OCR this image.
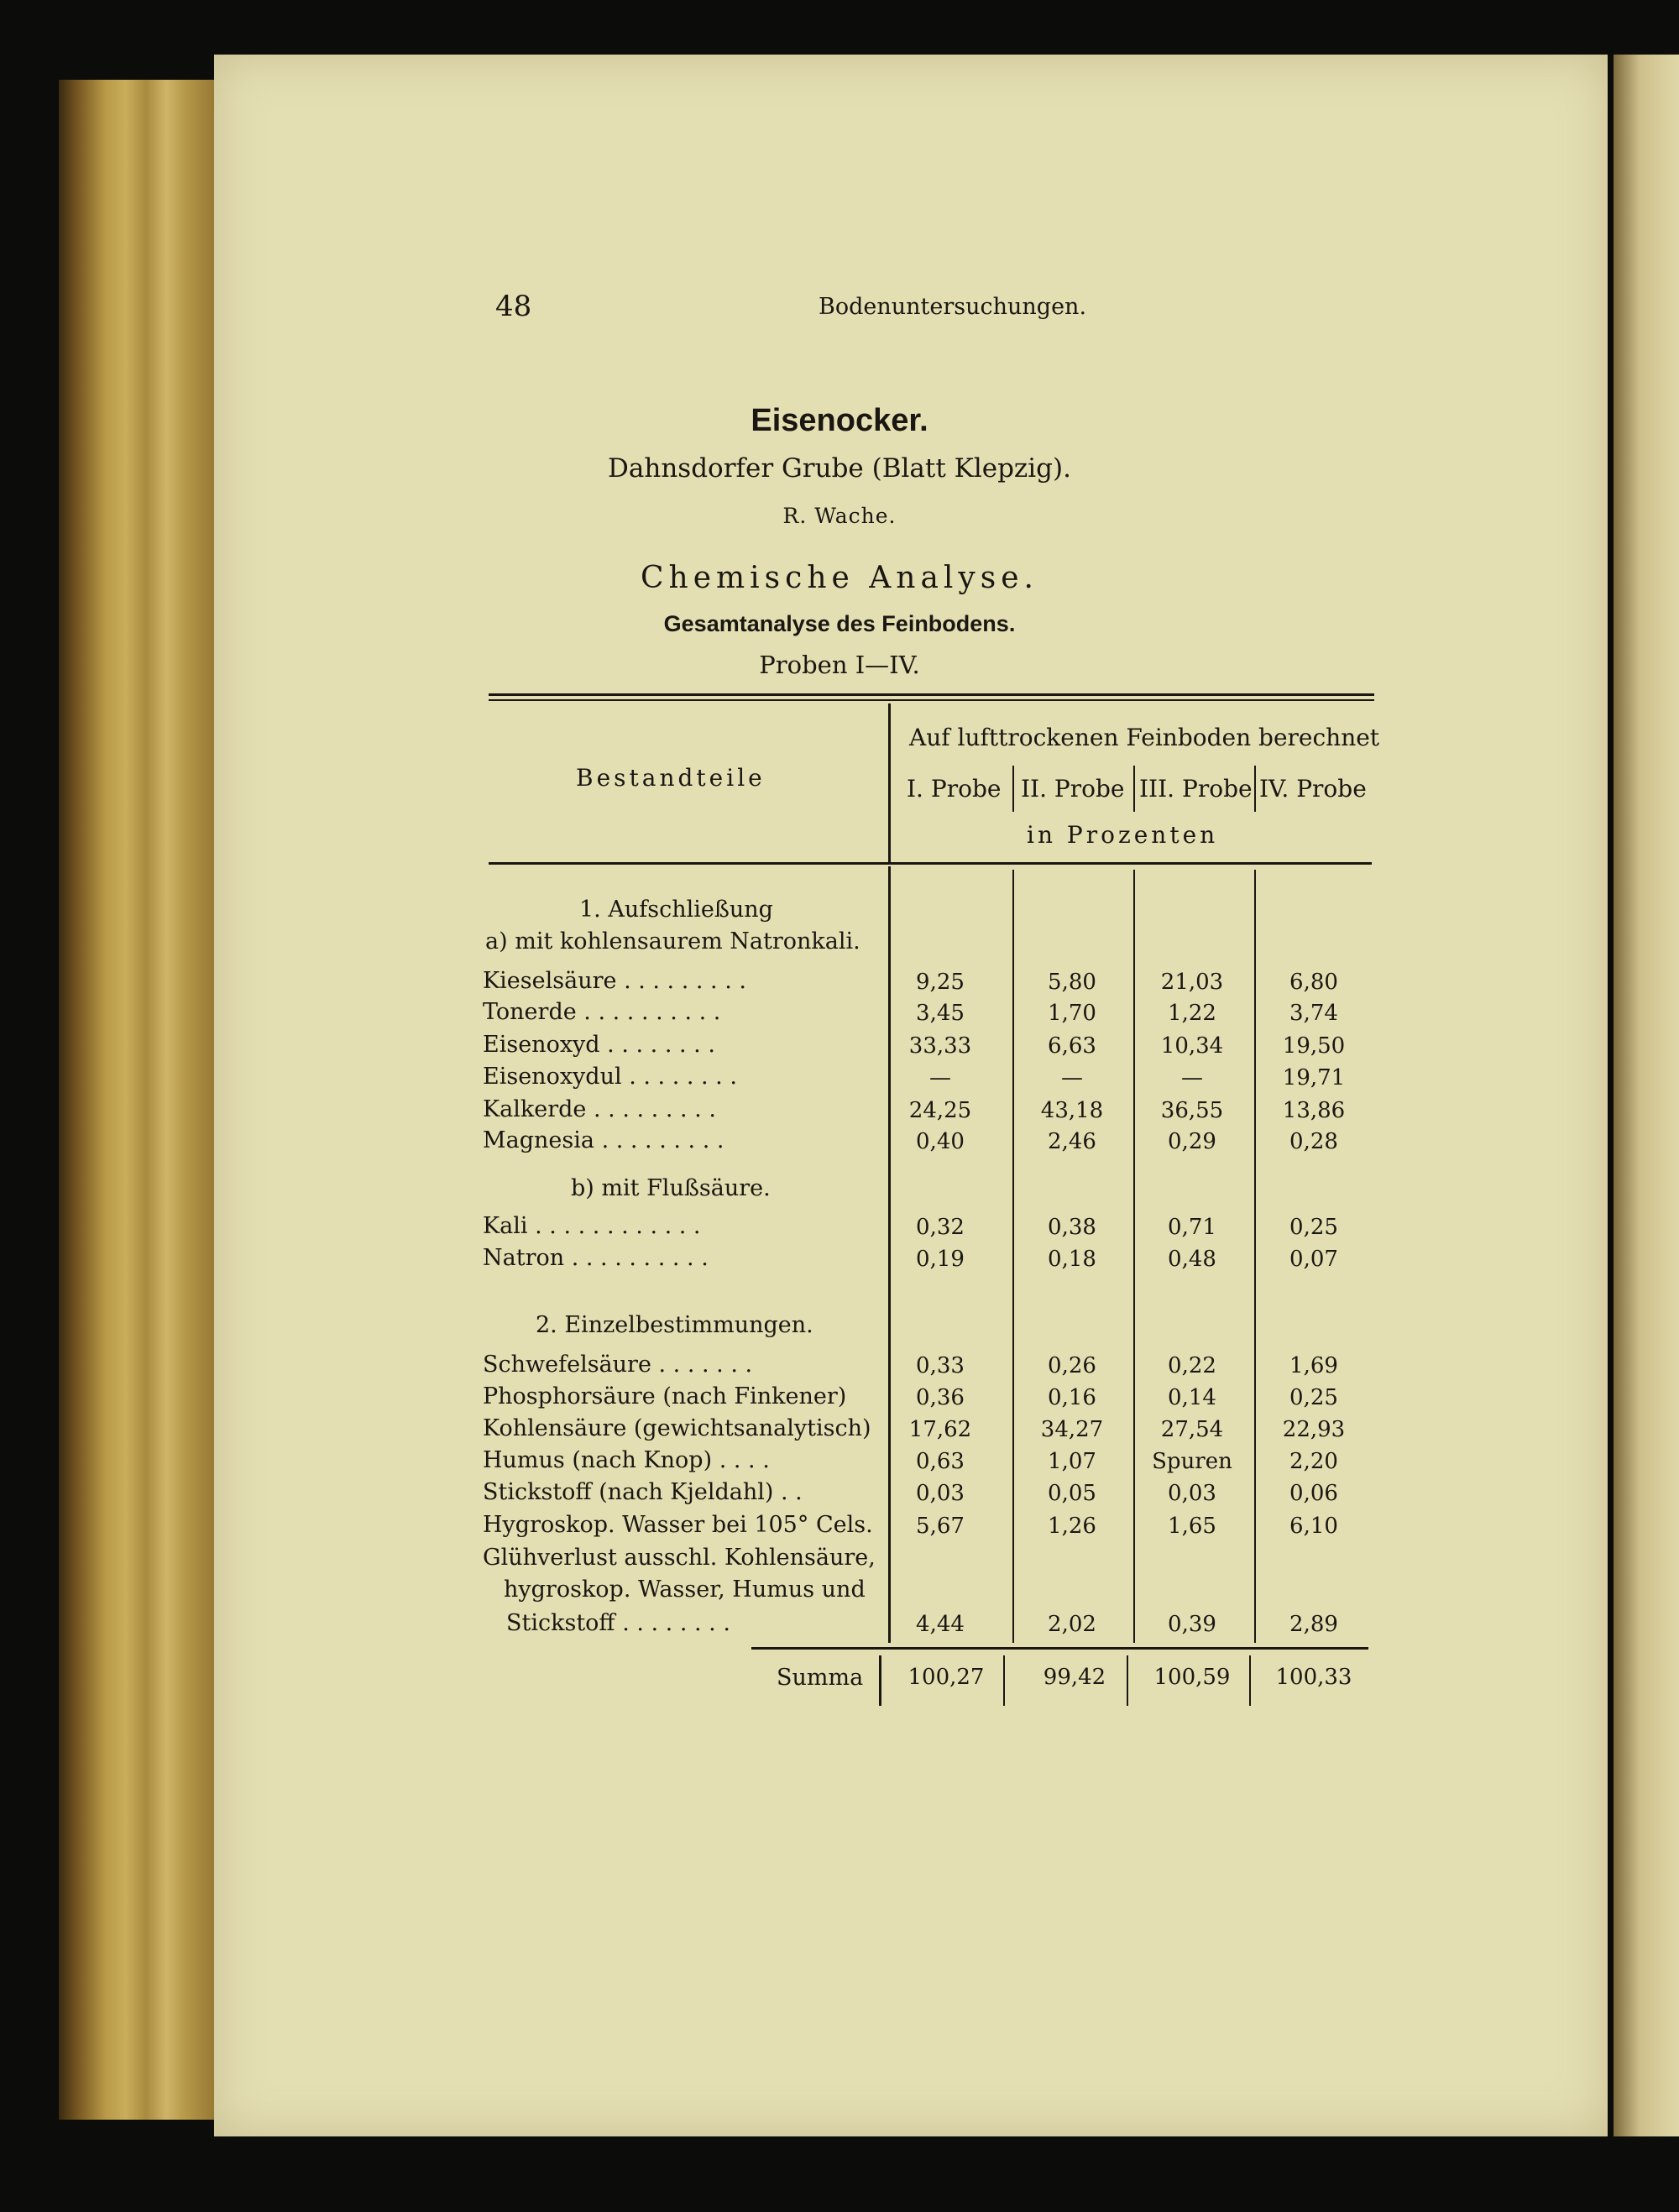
48	Bodenuntersuchungen.
Eisenocker.
Dahnsdorfer Grube (Blatt Klepzig).
R. Wache.
Chemische Analyse.
Gesamtanalyse des Feinbodens.
Proben I—IV.
Bestandteile
Auf lufttrockenen Feinboden berechnet
I. Probe II. Probe III. Probe IV. Probe
in Prozenten
1. Aufschließung
a) mit kohlensaurem Natronkali.
b) mit Flußsäure.
2. Einzelbestimmungen.
Kieselsäure . . . . . . . . .	9,25	5,80	21,03	6,80
Tonerde . . . . . . . . . .	3,45	1,70	1,22	3,74
Eisenoxyd . . . . . . . .	33,33	6,63	10,34	19,50
Eisenoxydul . . . . . . . .	—	—	—	19,71
Kalkerde . . . . . . . . .	24,25	43,18	36,55	13,86
Magnesia . . . . . . . . .	0,40	2,46	0,29	0,28
Kali . . . . . . . . . . . .	0,32	0,38	0,71	0,25
Natron . . . . . . . . . .	0,19	0,18	0,48	0,07
Schwefelsäure . . . . . . .	0,33	0,26	0,22	1,69
Phosphorsäure (nach Finkener)	0,36	0,16	0,14	0,25
Kohlensäure (gewichtsanalytisch)	17,62	34,27	27,54	22,93
Humus (nach Knop) . . . .	0,63	1,07	Spuren	2,20
Stickstoff (nach Kjeldahl) . .	0,03	0,05	0,03	0,06
Hygroskop. Wasser bei 105° Cels.	5,67	1,26	1,65	6,10
Glühverlust ausschl. Kohlensäure,
hygroskop. Wasser, Humus und
Stickstoff . . . . . . . .	4,44	2,02	0,39	2,89
Summa	100,27	99,42	100,59	100,33
